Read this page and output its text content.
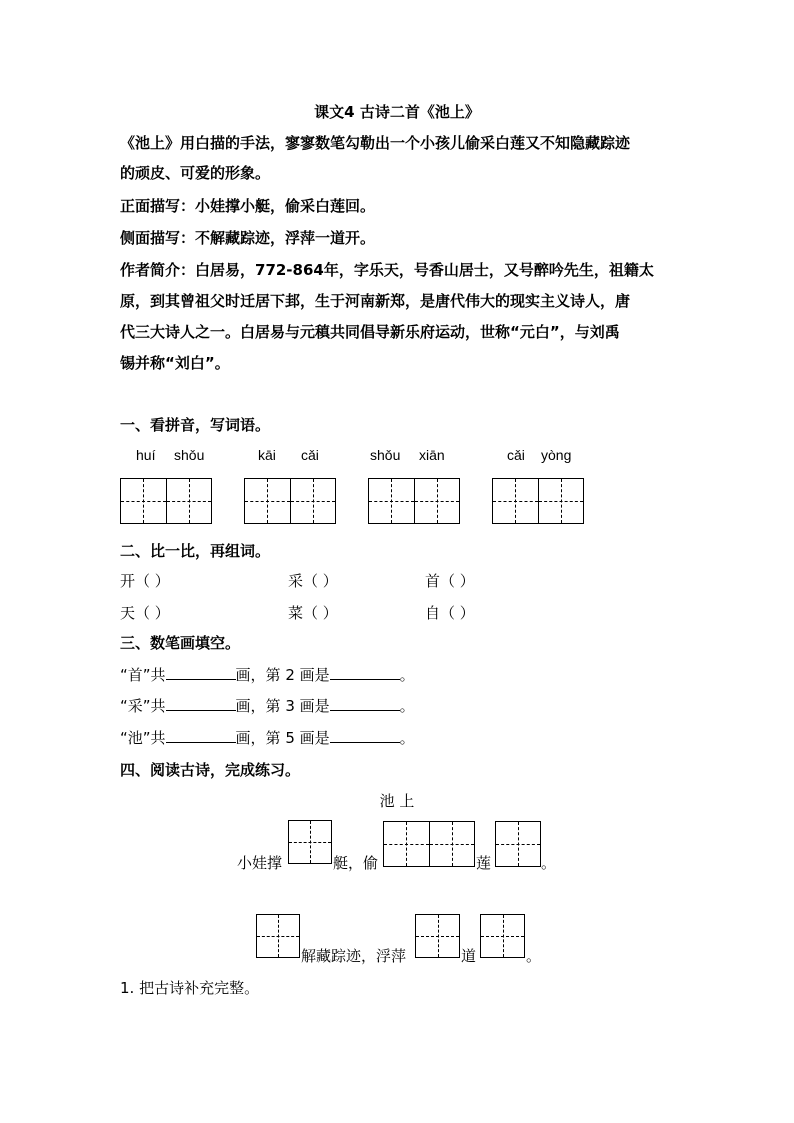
课文4 古诗二首《池上》
《池上》用白描的手法，寥寥数笔勾勒出一个小孩儿偷采白莲又不知隐藏踪迹
的顽皮、可爱的形象。
正面描写：小娃撑小艇，偷采白莲回。
侧面描写：不解藏踪迹，浮萍一道开。
作者简介：白居易，772-864年，字乐天，号香山居士，又号醉吟先生，祖籍太
原，到其曾祖父时迁居下邽，生于河南新郑，是唐代伟大的现实主义诗人，唐
代三大诗人之一。白居易与元稹共同倡导新乐府运动，世称“元白”，与刘禹
锡并称“刘白”。
一、看拼音，写词语。
huí shǒu	kāi cǎi	shǒu xiān	cǎi yòng
二、比一比，再组词。
开（ ）	采（ ）	首（ ）
天（ ）	菜（ ）	自（ ）
三、数笔画填空。
“首”共	画，第 2 画是	。
“采”共	画，第 3 画是	。
“池”共	画，第 5 画是	。
四、阅读古诗，完成练习。
池 上
小娃撑	艇，偷	莲	。
解藏踪迹，浮萍	道	。
1. 把古诗补充完整。
